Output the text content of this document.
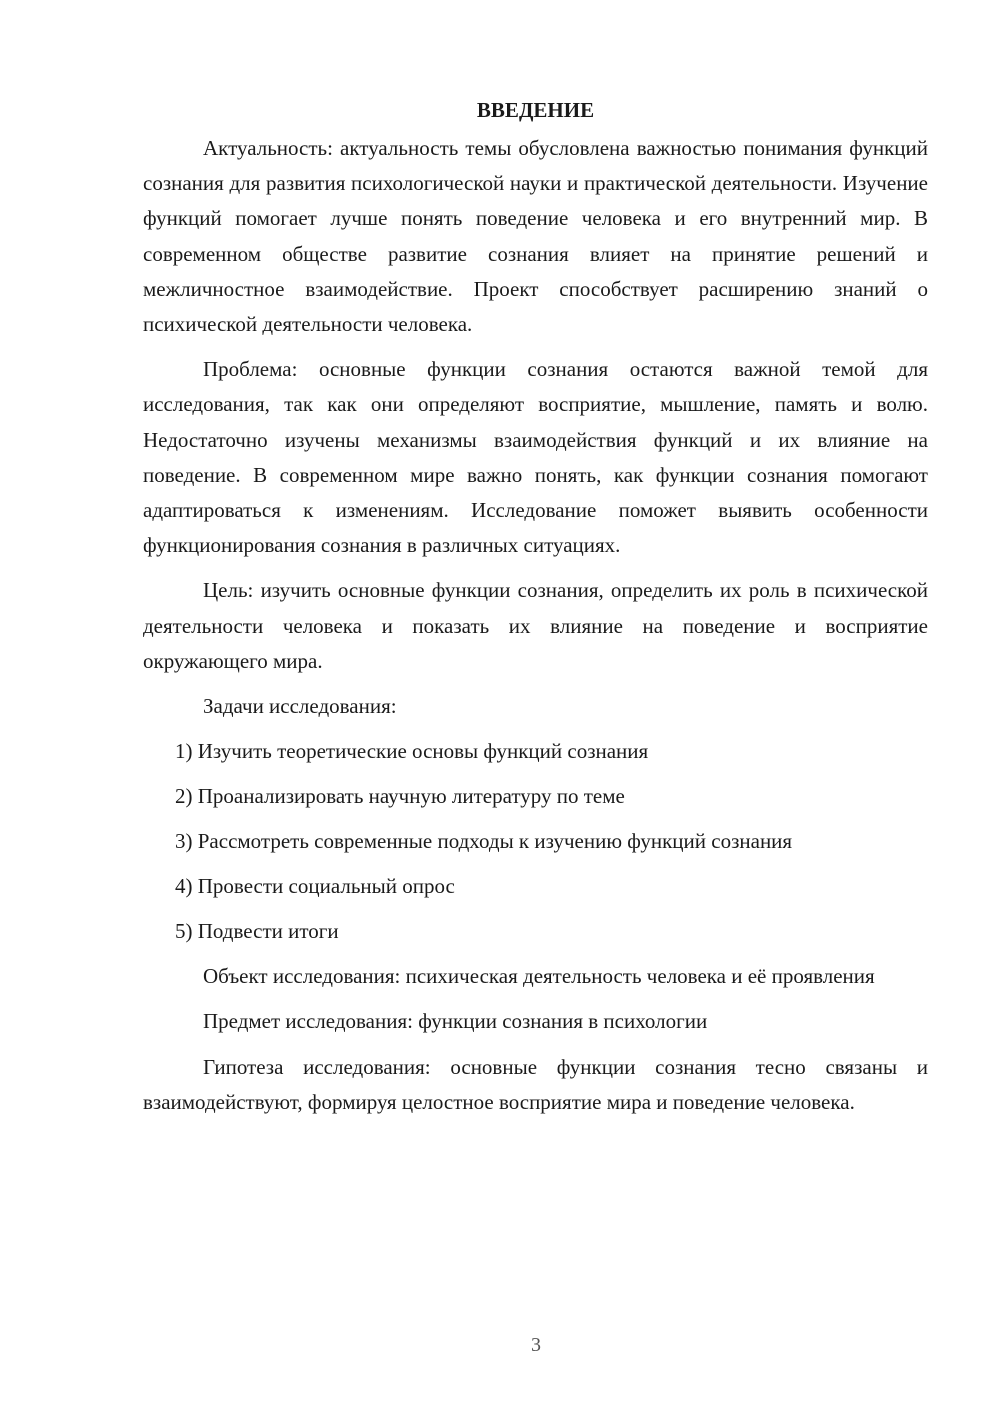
ВВЕДЕНИЕ

Актуальность: актуальность темы обусловлена важностью понимания функций сознания для развития психологической науки и практической деятельности. Изучение функций помогает лучше понять поведение человека и его внутренний мир. В современном обществе развитие сознания влияет на принятие решений и межличностное взаимодействие. Проект способствует расширению знаний о психической деятельности человека.

Проблема: основные функции сознания остаются важной темой для исследования, так как они определяют восприятие, мышление, память и волю. Недостаточно изучены механизмы взаимодействия функций и их влияние на поведение. В современном мире важно понять, как функции сознания помогают адаптироваться к изменениям. Исследование поможет выявить особенности функционирования сознания в различных ситуациях.

Цель: изучить основные функции сознания, определить их роль в психической деятельности человека и показать их влияние на поведение и восприятие окружающего мира.

Задачи исследования:

1) Изучить теоретические основы функций сознания
2) Проанализировать научную литературу по теме
3) Рассмотреть современные подходы к изучению функций сознания
4) Провести социальный опрос
5) Подвести итоги

Объект исследования: психическая деятельность человека и её проявления

Предмет исследования: функции сознания в психологии

Гипотеза исследования: основные функции сознания тесно связаны и взаимодействуют, формируя целостное восприятие мира и поведение человека.

3
